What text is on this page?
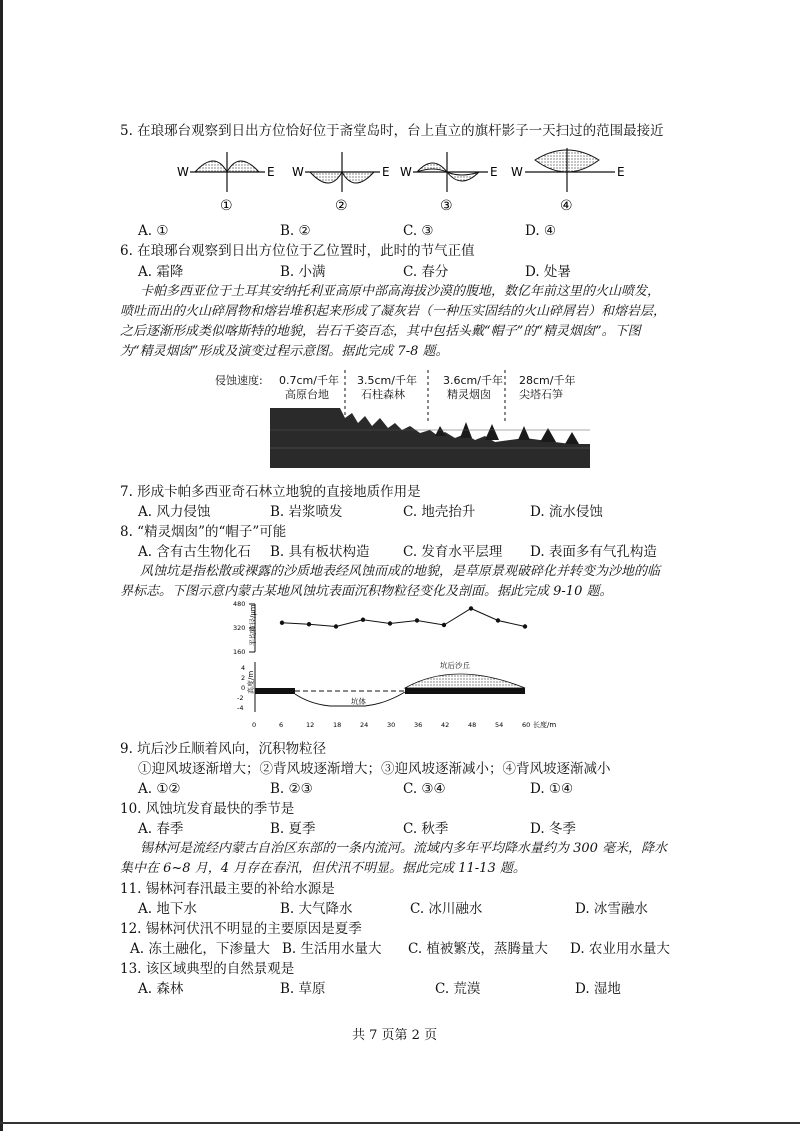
5. 在琅琊台观察到日出方位恰好位于斋堂岛时，台上直立的旗杆影子一天扫过的范围最接近
W	E
①
W	E
②
W	E
③
W	E
④
A. ①	B. ②	C. ③	D. ④
6. 在琅琊台观察到日出方位位于乙位置时，此时的节气正值
A. 霜降	B. 小满	C. 春分	D. 处暑
卡帕多西亚位于土耳其安纳托利亚高原中部高海拔沙漠的腹地，数亿年前这里的火山喷发，
喷吐而出的火山碎屑物和熔岩堆积起来形成了凝灰岩（一种压实固结的火山碎屑岩）和熔岩层，
之后逐渐形成类似喀斯特的地貌，岩石千姿百态，其中包括头戴“帽子”的“精灵烟囱”。下图
为“精灵烟囱”形成及演变过程示意图。据此完成 7-8 题。
侵蚀速度: 0.7cm/千年
高原台地
3.5cm/千年
石柱森林
3.6cm/千年
精灵烟囱
28cm/千年
尖塔石笋
7. 形成卡帕多西亚奇石林立地貌的直接地质作用是
A. 风力侵蚀	B. 岩浆喷发	C. 地壳抬升	D. 流水侵蚀
8. “精灵烟囱”的“帽子”可能
A. 含有古生物化石 B. 具有板状构造 C. 发育水平层理 D. 表面多有气孔构造
风蚀坑是指松散或裸露的沙质地表经风蚀而成的地貌，是草原景观破碎化并转变为沙地的临
界标志。下图示意内蒙古某地风蚀坑表面沉积物粒径变化及剖面。据此完成 9-10 题。
平均粒径/μm
480
320
160
高度/m
4
2
0
-2
-4
坑后沙丘
坑体
0	6	12	18	24	30	36	42	48	54	60 长度/m
9. 坑后沙丘顺着风向，沉积物粒径
①迎风坡逐渐增大；②背风坡逐渐增大；③迎风坡逐渐减小；④背风坡逐渐减小
A. ①②	B. ②③	C. ③④	D. ①④
10. 风蚀坑发育最快的季节是
A. 春季	B. 夏季	C. 秋季	D. 冬季
锡林河是流经内蒙古自治区东部的一条内流河。流域内多年平均降水量约为 300 毫米，降水
集中在 6~8 月，4 月存在春汛，但伏汛不明显。据此完成 11-13 题。
11. 锡林河春汛最主要的补给水源是
A. 地下水	B. 大气降水	C. 冰川融水	D. 冰雪融水
12. 锡林河伏汛不明显的主要原因是夏季
A. 冻土融化，下渗量大 B. 生活用水量大 C. 植被繁茂，蒸腾量大 D. 农业用水量大
13. 该区域典型的自然景观是
A. 森林	B. 草原	C. 荒漠	D. 湿地
共 7 页第 2 页
